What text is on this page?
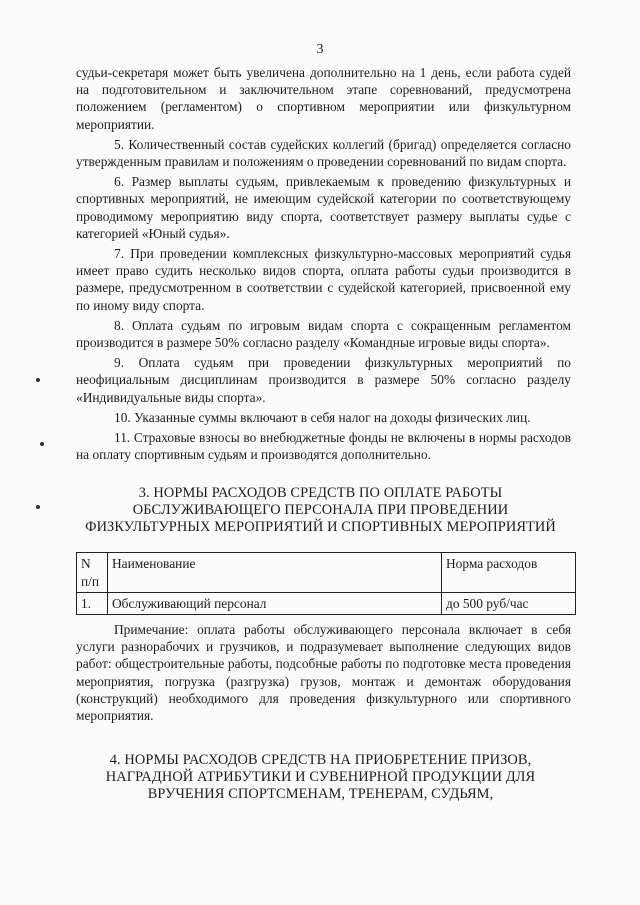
3

судьи-секретаря может быть увеличена дополнительно на 1 день, если работа судей на подготовительном и заключительном этапе соревнований, предусмотрена положением (регламентом) о спортивном мероприятии или физкультурном мероприятии.

5. Количественный состав судейских коллегий (бригад) определяется согласно утвержденным правилам и положениям о проведении соревнований по видам спорта.

6. Размер выплаты судьям, привлекаемым к проведению физкультурных и спортивных мероприятий, не имеющим судейской категории по соответствующему проводимому мероприятию виду спорта, соответствует размеру выплаты судье с категорией «Юный судья».

7. При проведении комплексных физкультурно-массовых мероприятий судья имеет право судить несколько видов спорта, оплата работы судьи производится в размере, предусмотренном в соответствии с судейской категорией, присвоенной ему по иному виду спорта.

8. Оплата судьям по игровым видам спорта с сокращенным регламентом производится в размере 50% согласно разделу «Командные игровые виды спорта».

9. Оплата судьям при проведении физкультурных мероприятий по неофициальным дисциплинам производится в размере 50% согласно разделу «Индивидуальные виды спорта».

10. Указанные суммы включают в себя налог на доходы физических лиц.

11. Страховые взносы во внебюджетные фонды не включены в нормы расходов на оплату спортивным судьям и производятся дополнительно.

3. НОРМЫ РАСХОДОВ СРЕДСТВ ПО ОПЛАТЕ РАБОТЫ ОБСЛУЖИВАЮЩЕГО ПЕРСОНАЛА ПРИ ПРОВЕДЕНИИ ФИЗКУЛЬТУРНЫХ МЕРОПРИЯТИЙ И СПОРТИВНЫХ МЕРОПРИЯТИЙ
N п/п	Наименование	Норма расходов
1.	Обслуживающий персонал	до 500 руб/час

Примечание: оплата работы обслуживающего персонала включает в себя услуги разнорабочих и грузчиков, и подразумевает выполнение следующих видов работ: общестроительные работы, подсобные работы по подготовке места проведения мероприятия, погрузка (разгрузка) грузов, монтаж и демонтаж оборудования (конструкций) необходимого для проведения физкультурного или спортивного мероприятия.

4. НОРМЫ РАСХОДОВ СРЕДСТВ НА ПРИОБРЕТЕНИЕ ПРИЗОВ, НАГРАДНОЙ АТРИБУТИКИ И СУВЕНИРНОЙ ПРОДУКЦИИ ДЛЯ ВРУЧЕНИЯ СПОРТСМЕНАМ, ТРЕНЕРАМ, СУДЬЯМ,
